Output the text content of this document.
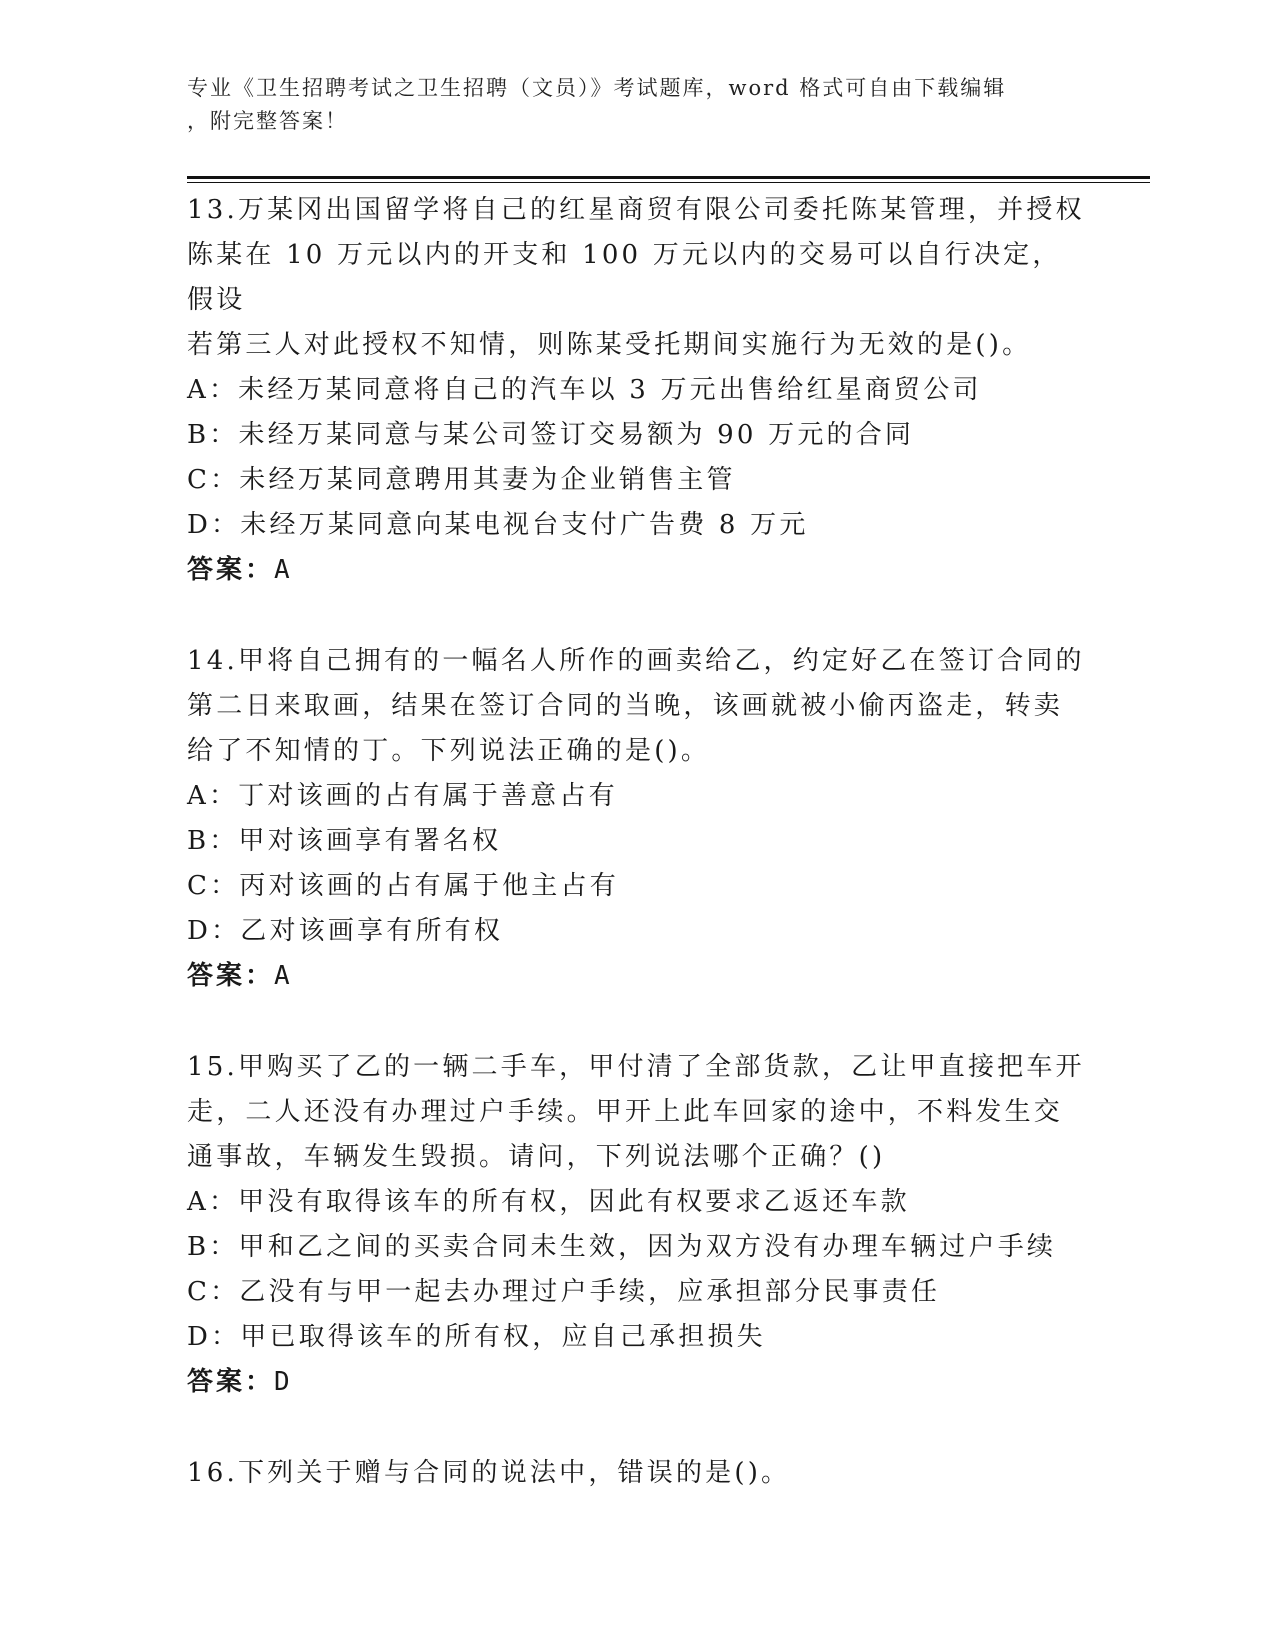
专业《卫生招聘考试之卫生招聘（文员）》考试题库，word 格式可自由下载编辑
，附完整答案！

13.万某冈出国留学将自己的红星商贸有限公司委托陈某管理，并授权

陈某在 10 万元以内的开支和 100 万元以内的交易可以自行决定，假设

若第三人对此授权不知情，则陈某受托期间实施行为无效的是()。

A：未经万某同意将自己的汽车以 3 万元出售给红星商贸公司

B：未经万某同意与某公司签订交易额为 90 万元的合同

C：未经万某同意聘用其妻为企业销售主管

D：未经万某同意向某电视台支付广告费 8 万元

答案：A

14.甲将自己拥有的一幅名人所作的画卖给乙，约定好乙在签订合同的

第二日来取画，结果在签订合同的当晚，该画就被小偷丙盗走，转卖

给了不知情的丁。下列说法正确的是()。

A：丁对该画的占有属于善意占有

B：甲对该画享有署名权

C：丙对该画的占有属于他主占有

D：乙对该画享有所有权

答案：A

15.甲购买了乙的一辆二手车，甲付清了全部货款，乙让甲直接把车开

走，二人还没有办理过户手续。甲开上此车回家的途中，不料发生交

通事故，车辆发生毁损。请问，下列说法哪个正确？()

A：甲没有取得该车的所有权，因此有权要求乙返还车款

B：甲和乙之间的买卖合同未生效，因为双方没有办理车辆过户手续

C：乙没有与甲一起去办理过户手续，应承担部分民事责任

D：甲已取得该车的所有权，应自己承担损失

答案：D

16.下列关于赠与合同的说法中，错误的是()。
